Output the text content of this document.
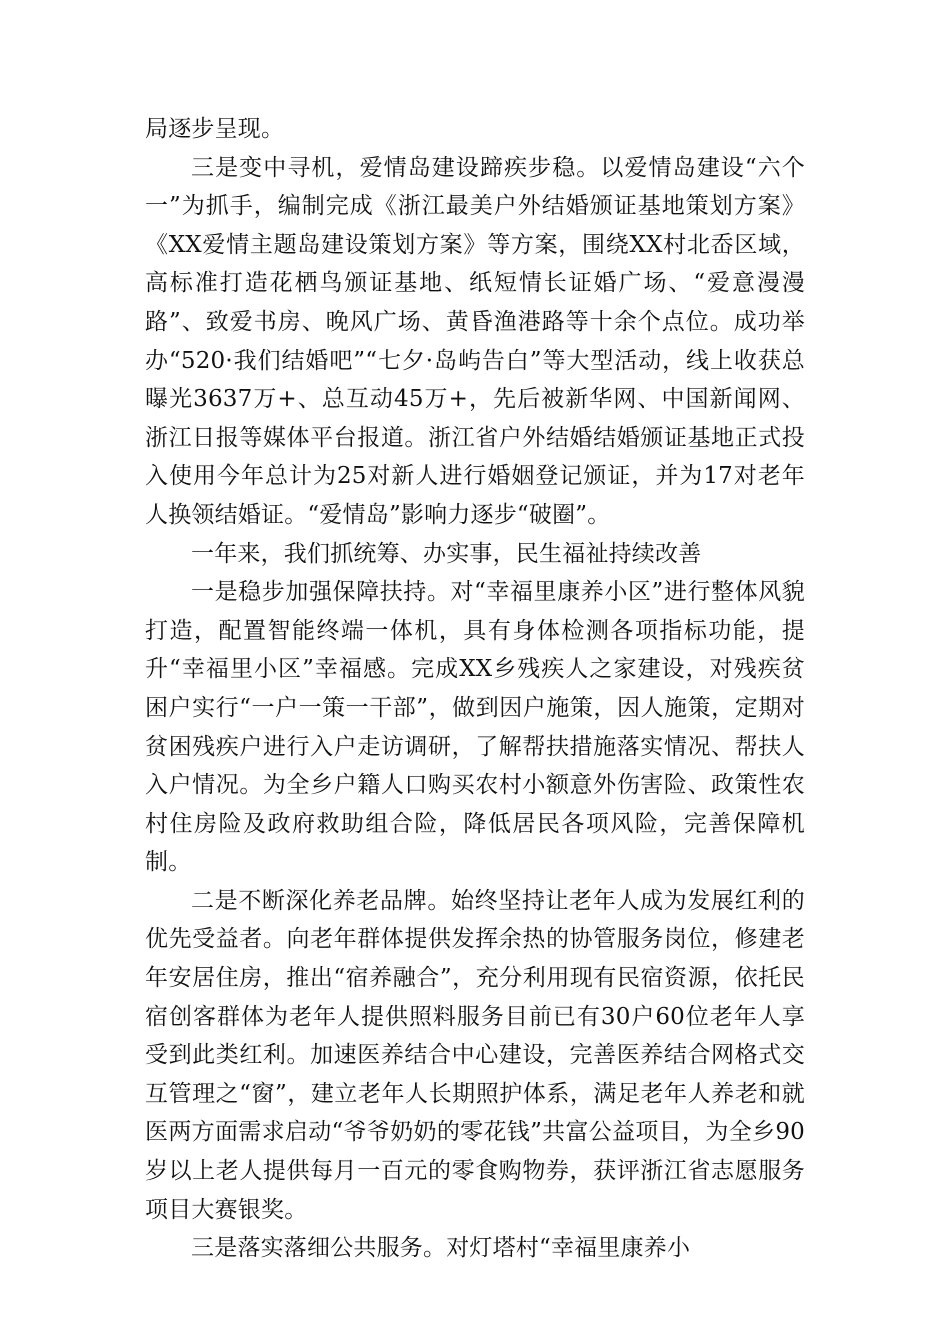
局逐步呈现。

三是变中寻机，爱情岛建设蹄疾步稳。以爱情岛建设“六个一”为抓手，编制完成《浙江最美户外结婚颁证基地策划方案》《XX爱情主题岛建设策划方案》等方案，围绕XX村北岙区域，高标准打造花栖鸟颁证基地、纸短情长证婚广场、“爱意漫漫路”、致爱书房、晚风广场、黄昏渔港路等十余个点位。成功举办“520·我们结婚吧”“七夕·岛屿告白”等大型活动，线上收获总曝光3637万+、总互动45万+，先后被新华网、中国新闻网、浙江日报等媒体平台报道。浙江省户外结婚结婚颁证基地正式投入使用今年总计为25对新人进行婚姻登记颁证，并为17对老年人换领结婚证。“爱情岛”影响力逐步“破圈”。

一年来，我们抓统筹、办实事，民生福祉持续改善

一是稳步加强保障扶持。对“幸福里康养小区”进行整体风貌打造，配置智能终端一体机，具有身体检测各项指标功能，提升“幸福里小区”幸福感。完成XX乡残疾人之家建设，对残疾贫困户实行“一户一策一干部”，做到因户施策，因人施策，定期对贫困残疾户进行入户走访调研，了解帮扶措施落实情况、帮扶人入户情况。为全乡户籍人口购买农村小额意外伤害险、政策性农村住房险及政府救助组合险，降低居民各项风险，完善保障机制。

二是不断深化养老品牌。始终坚持让老年人成为发展红利的优先受益者。向老年群体提供发挥余热的协管服务岗位，修建老年安居住房，推出“宿养融合”，充分利用现有民宿资源，依托民宿创客群体为老年人提供照料服务目前已有30户60位老年人享受到此类红利。加速医养结合中心建设，完善医养结合网格式交互管理之“窗”，建立老年人长期照护体系，满足老年人养老和就医两方面需求启动“爷爷奶奶的零花钱”共富公益项目，为全乡90岁以上老人提供每月一百元的零食购物券，获评浙江省志愿服务项目大赛银奖。

三是落实落细公共服务。对灯塔村“幸福里康养小
